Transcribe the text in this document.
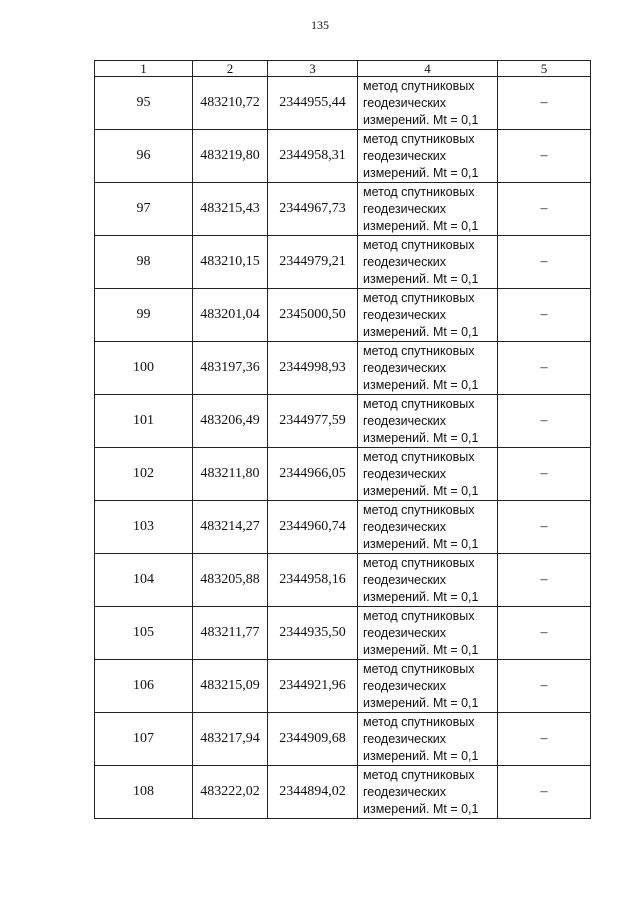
135
1	2	3	4	5
95	483210,72	2344955,44	метод спутниковых
геодезических
измерений. Mt = 0,1	–
96	483219,80	2344958,31	метод спутниковых
геодезических
измерений. Mt = 0,1	–
97	483215,43	2344967,73	метод спутниковых
геодезических
измерений. Mt = 0,1	–
98	483210,15	2344979,21	метод спутниковых
геодезических
измерений. Mt = 0,1	–
99	483201,04	2345000,50	метод спутниковых
геодезических
измерений. Mt = 0,1	–
100	483197,36	2344998,93	метод спутниковых
геодезических
измерений. Mt = 0,1	–
101	483206,49	2344977,59	метод спутниковых
геодезических
измерений. Mt = 0,1	–
102	483211,80	2344966,05	метод спутниковых
геодезических
измерений. Mt = 0,1	–
103	483214,27	2344960,74	метод спутниковых
геодезических
измерений. Mt = 0,1	–
104	483205,88	2344958,16	метод спутниковых
геодезических
измерений. Mt = 0,1	–
105	483211,77	2344935,50	метод спутниковых
геодезических
измерений. Mt = 0,1	–
106	483215,09	2344921,96	метод спутниковых
геодезических
измерений. Mt = 0,1	–
107	483217,94	2344909,68	метод спутниковых
геодезических
измерений. Mt = 0,1	–
108	483222,02	2344894,02	метод спутниковых
геодезических
измерений. Mt = 0,1	–
